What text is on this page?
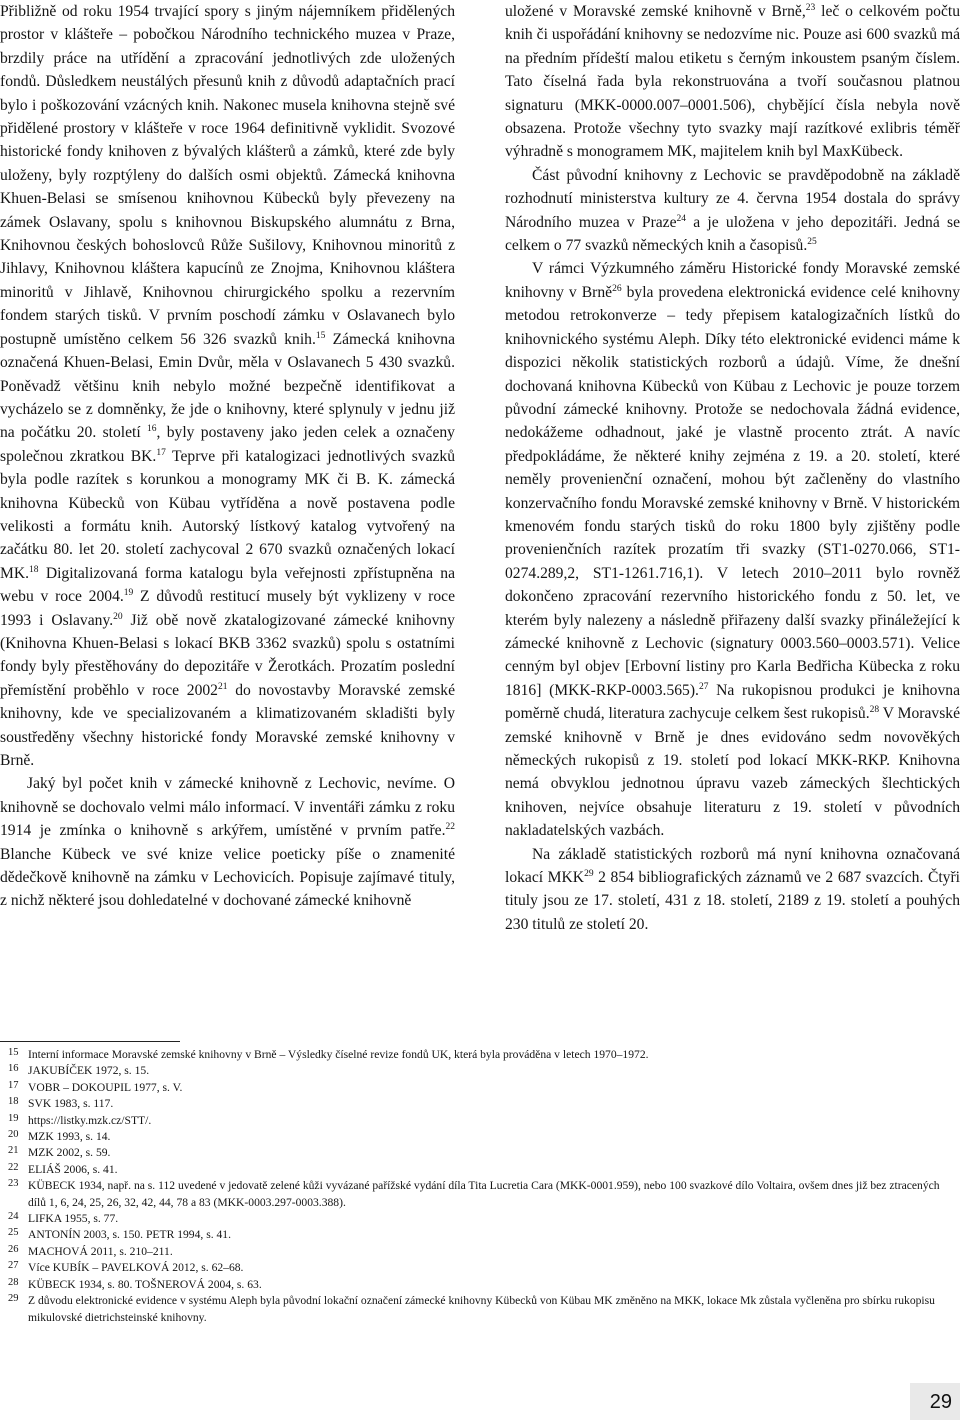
Přibližně od roku 1954 trvající spory s jiným nájemníkem přidělených prostor v klášteře – pobočkou Národního technického muzea v Praze, brzdily práce na utřídění a zpracování jednotlivých zde uložených fondů. Důsledkem neustálých přesunů knih z důvodů adaptačních prací bylo i poškozování vzácných knih. Nakonec musela knihovna stejně své přidělené prostory v klášteře v roce 1964 definitivně vyklidit. Svozové historické fondy knihoven z bývalých klášterů a zámků, které zde byly uloženy, byly rozptýleny do dalších osmi objektů. Zámecká knihovna Khuen-Belasi se smísenou knihovnou Kübecků byly převezeny na zámek Oslavany, spolu s knihovnou Biskupského alumnátu z Brna, Knihovnou českých bohoslovců Růže Sušilovy, Knihovnou minoritů z Jihlavy, Knihovnou kláštera kapucínů ze Znojma, Knihovnou kláštera minoritů v Jihlavě, Knihovnou chirurgického spolku a rezervním fondem starých tisků. V prvním poschodí zámku v Oslavanech bylo postupně umístěno celkem 56 326 svazků knih.$^{15}$ Zámecká knihovna označená Khuen-Belasi, Emin Dvůr, měla v Oslavanech 5 430 svazků. Poněvadž většinu knih nebylo možné bezpečně identifikovat a vycházelo se z domněnky, že jde o knihovny, které splynuly v jednu již na počátku 20. století $^{16}$, byly postaveny jako jeden celek a označeny společnou zkratkou BK.$^{17}$ Teprve při katalogizaci jednotlivých svazků byla podle razítek s korunkou a monogramy MK či B. K. zámecká knihovna Kübecků von Kübau vytříděna a nově postavena podle velikosti a formátu knih. Autorský lístkový katalog vytvořený na začátku 80. let 20. století zachycoval 2 670 svazků označených lokací MK.$^{18}$ Digitalizovaná forma katalogu byla veřejnosti zpřístupněna na webu v roce 2004.19 Z důvodů restitucí musely být vyklizeny v roce 1993 i Oslavany.$^{20}$ Již obě nově zkatalogizované zámecké knihovny (Knihovna Khuen-Belasi s lokací BKB 3362 svazků) spolu s ostatními fondy byly přestěhovány do depozitáře v Žerotkách. Prozatím poslední přemístění proběhlo v roce 2002$^{21}$ do novostavby Moravské zemské knihovny, kde ve specializovaném a klimatizovaném skladišti byly soustředěny všechny historické fondy Moravské zemské knihovny v Brně.

Jaký byl počet knih v zámecké knihovně z Lechovic, nevíme. O knihovně se dochovalo velmi málo informací. V inventáři zámku z roku 1914 je zmínka o knihovně s arkýřem, umístěné v prvním patře.$^{22}$ Blanche Kübeck ve své knize velice poeticky píše o znamenité dědečkově knihovně na zámku v Lechovicích. Popisuje zajímavé tituly, z nichž některé jsou dohledatelné v dochované zámecké knihovně

uložené v Moravské zemské knihovně v Brně,$^{23}$ leč o celkovém počtu knih či uspořádání knihovny se nedozvíme nic. Pouze asi 600 svazků má na předním přídeští malou etiketu s černým inkoustem psaným číslem. Tato číselná řada byla rekonstruována a tvoří současnou platnou signaturu (MKK-0000.007–0001.506), chybějící čísla nebyla nově obsazena. Protože všechny tyto svazky mají razítkové exlibris téměř výhradně s monogramem MK, majitelem knih byl MaxKübeck.

Část původní knihovny z Lechovic se pravděpodobně na základě rozhodnutí ministerstva kultury ze 4. června 1954 dostala do správy Národního muzea v Praze$^{24}$ a je uložena v jeho depozitáři. Jedná se celkem o 77 svazků německých knih a časopisů.$^{25}$

V rámci Výzkumného záměru Historické fondy Moravské zemské knihovny v Brně$^{26}$ byla provedena elektronická evidence celé knihovny metodou retrokonverze – tedy přepisem katalogizačních lístků do knihovnického systému Aleph. Díky této elektronické evidenci máme k dispozici několik statistických rozborů a údajů. Víme, že dnešní dochovaná knihovna Kübecků von Kübau z Lechovic je pouze torzem původní zámecké knihovny. Protože se nedochovala žádná evidence, nedokážeme odhadnout, jaké je vlastně procento ztrát. A navíc předpokládáme, že některé knihy zejména z 19. a 20. století, které neměly provenienční označení, mohou být začleněny do vlastního konzervačního fondu Moravské zemské knihovny v Brně. V historickém kmenovém fondu starých tisků do roku 1800 byly zjištěny podle provenienčních razítek prozatím tři svazky (ST1-0270.066, ST1-0274.289,2, ST1-1261.716,1). V letech 2010–2011 bylo rovněž dokončeno zpracování rezervního historického fondu z 50. let, ve kterém byly nalezeny a následně přiřazeny další svazky přináležející k zámecké knihovně z Lechovic (signatury 0003.560–0003.571). Velice cenným byl objev [Erbovní listiny pro Karla Bedřicha Kübecka z roku 1816] (MKK-RKP-0003.565).$^{27}$ Na rukopisnou produkci je knihovna poměrně chudá, literatura zachycuje celkem šest rukopisů.$^{28}$ V Moravské zemské knihovně v Brně je dnes evidováno sedm novověkých německých rukopisů z 19. století pod lokací MKK-RKP. Knihovna nemá obvyklou jednotnou úpravu vazeb zámeckých šlechtických knihoven, nejvíce obsahuje literaturu z 19. století v původních nakladatelských vazbách.

Na základě statistických rozborů má nyní knihovna označovaná lokací MKK$^{29}$ 2 854 bibliografických záznamů ve 2 687 svazcích. Čtyři tituly jsou ze 17. století, 431 z 18. století, 2189 z 19. století a pouhých 230 titulů ze století 20.

15 Interní informace Moravské zemské knihovny v Brně – Výsledky číselné revize fondů UK, která byla prováděna v letech 1970–1972.

16 JAKUBÍČEK 1972, s. 15.

17 VOBR – DOKOUPIL 1977, s. V.

18 SVK 1983, s. 117.

19 https://listky.mzk.cz/STT/.

20 MZK 1993, s. 14.

21 MZK 2002, s. 59.

22 ELIÁŠ 2006, s. 41.

23 KÜBECK 1934, např. na s. 112 uvedené v jedovatě zelené kůži vyvázané pařížské vydání díla Tita Lucretia Cara (MKK-0001.959), nebo 100 svazkové dílo Voltaira, ovšem dnes již bez ztracených dílů 1, 6, 24, 25, 26, 32, 42, 44, 78 a 83 (MKK-0003.297-0003.388).

24 LIFKA 1955, s. 77.

25 ANTONÍN 2003, s. 150. PETR 1994, s. 41.

26 MACHOVÁ 2011, s. 210–211.

27 Více KUBÍK – PAVELKOVÁ 2012, s. 62–68.

28 KÜBECK 1934, s. 80. TOŠNEROVÁ 2004, s. 63.

29 Z důvodu elektronické evidence v systému Aleph byla původní lokační označení zámecké knihovny Kübecků von Kübau MK změněno na MKK, lokace Mk zůstala vyčleněna pro sbírku rukopisu mikulovské dietrichsteinské knihovny.

29
